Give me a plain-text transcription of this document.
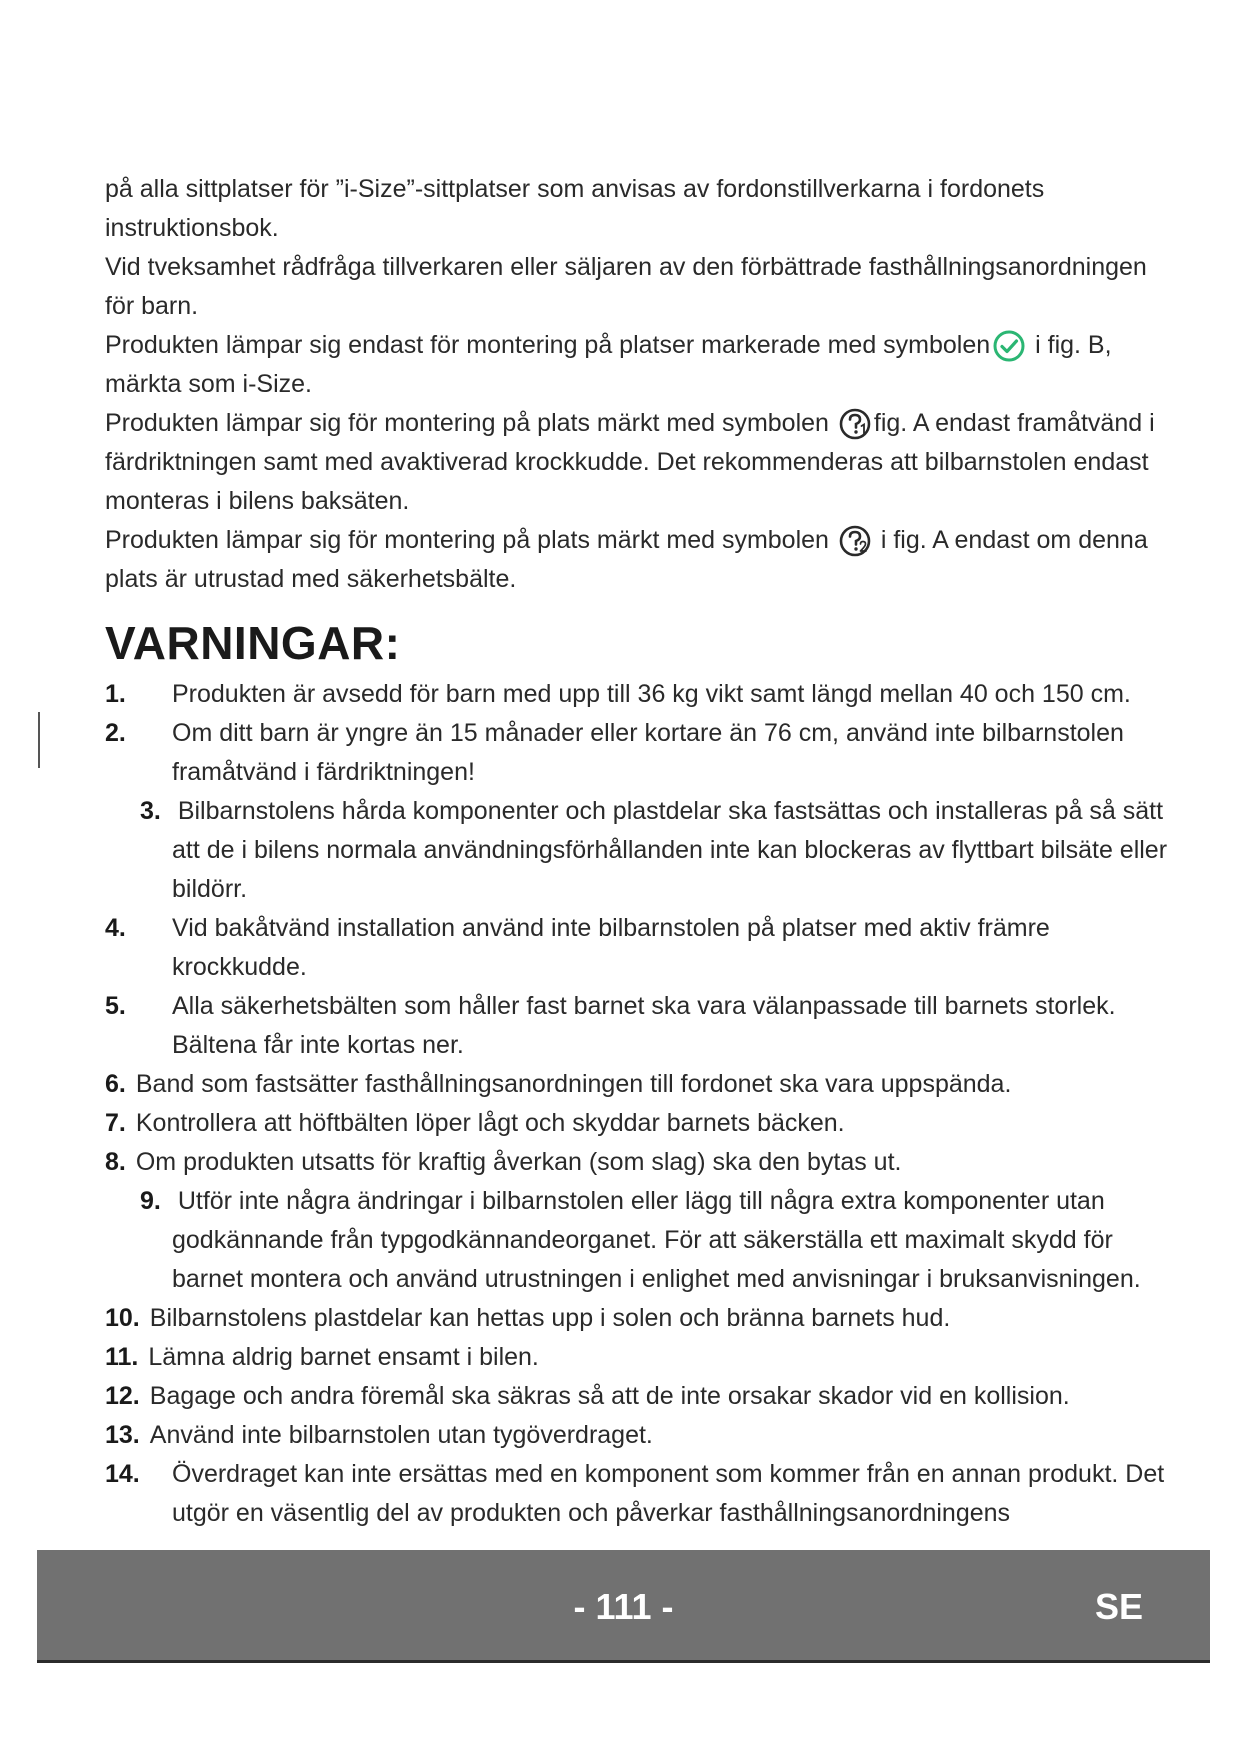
på alla sittplatser för ”i-Size”-sittplatser som anvisas av fordonstillverkarna i fordonets instruktionsbok.

Vid tveksamhet rådfråga tillverkaren eller säljaren av den förbättrade fasthållningsanordningen för barn.

Produkten lämpar sig endast för montering på platser markerade med symbolen i fig. B, märkta som i-Size.

Produkten lämpar sig för montering på plats märkt med symbolen fig. A endast framåtvänd i färdriktningen samt med avaktiverad krockkudde. Det rekommenderas att bilbarnstolen endast monteras i bilens baksäten.

Produkten lämpar sig för montering på plats märkt med symbolen i fig. A endast om denna plats är utrustad med säkerhetsbälte.

VARNINGAR:
1.	Produkten är avsedd för barn med upp till 36 kg vikt samt längd mellan 40 och 150 cm.
2.	Om ditt barn är yngre än 15 månader eller kortare än 76 cm, använd inte bilbarnstolen framåtvänd i färdriktningen!
3. Bilbarnstolens hårda komponenter och plastdelar ska fastsättas och installeras på så sätt att de i bilens normala användningsförhållanden inte kan blockeras av flyttbart bilsäte eller bildörr.
4.	Vid bakåtvänd installation använd inte bilbarnstolen på platser med aktiv främre krockkudde.
5.	Alla säkerhetsbälten som håller fast barnet ska vara välanpassade till barnets storlek. Bältena får inte kortas ner.
6. Band som fastsätter fasthållningsanordningen till fordonet ska vara uppspända.
7. Kontrollera att höftbälten löper lågt och skyddar barnets bäcken.
8. Om produkten utsatts för kraftig åverkan (som slag) ska den bytas ut.
9. Utför inte några ändringar i bilbarnstolen eller lägg till några extra komponenter utan godkännande från typgodkännandeorganet. För att säkerställa ett maximalt skydd för barnet montera och använd utrustningen i enlighet med anvisningar i bruksanvisningen.
10. Bilbarnstolens plastdelar kan hettas upp i solen och bränna barnets hud.
11. Lämna aldrig barnet ensamt i bilen.
12. Bagage och andra föremål ska säkras så att de inte orsakar skador vid en kollision.
13. Använd inte bilbarnstolen utan tygöverdraget.
14.	Överdraget kan inte ersättas med en komponent som kommer från en annan produkt. Det utgör en väsentlig del av produkten och påverkar fasthållningsanordningens
- 111 -	SE
